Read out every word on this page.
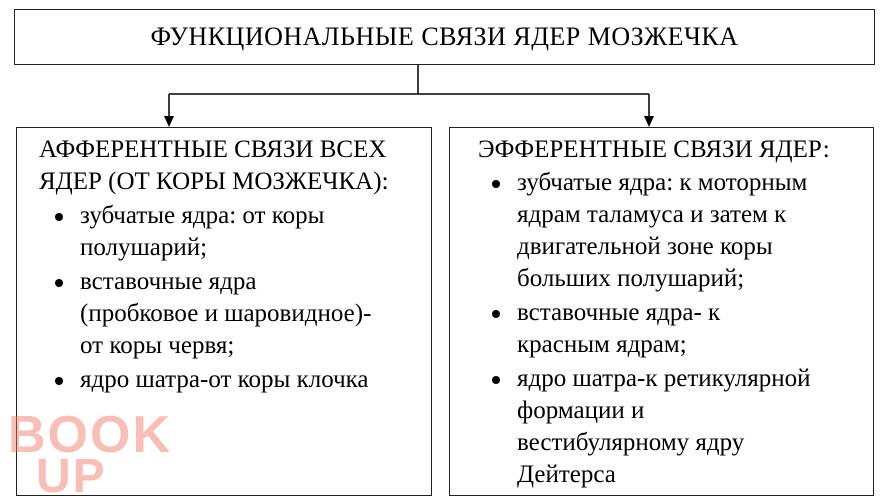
ФУНКЦИОНАЛЬНЫЕ СВЯЗИ ЯДЕР МОЗЖЕЧКА
АФФЕРЕНТНЫЕ СВЯЗИ ВСЕХ
ЯДЕР (ОТ КОРЫ МОЗЖЕЧКА):
зубчатые ядра: от коры
полушарий;
вставочные ядра
(пробковое и шаровидное)-
от коры червя;
ядро шатра-от коры клочка
ЭФФЕРЕНТНЫЕ СВЯЗИ ЯДЕР:
зубчатые ядра: к моторным
ядрам таламуса и затем к
двигательной зоне коры
больших полушарий;
вставочные ядра- к
красным ядрам;
ядро шатра-к ретикулярной
формации и
вестибулярному ядру
Дейтерса
BOOK
UP
